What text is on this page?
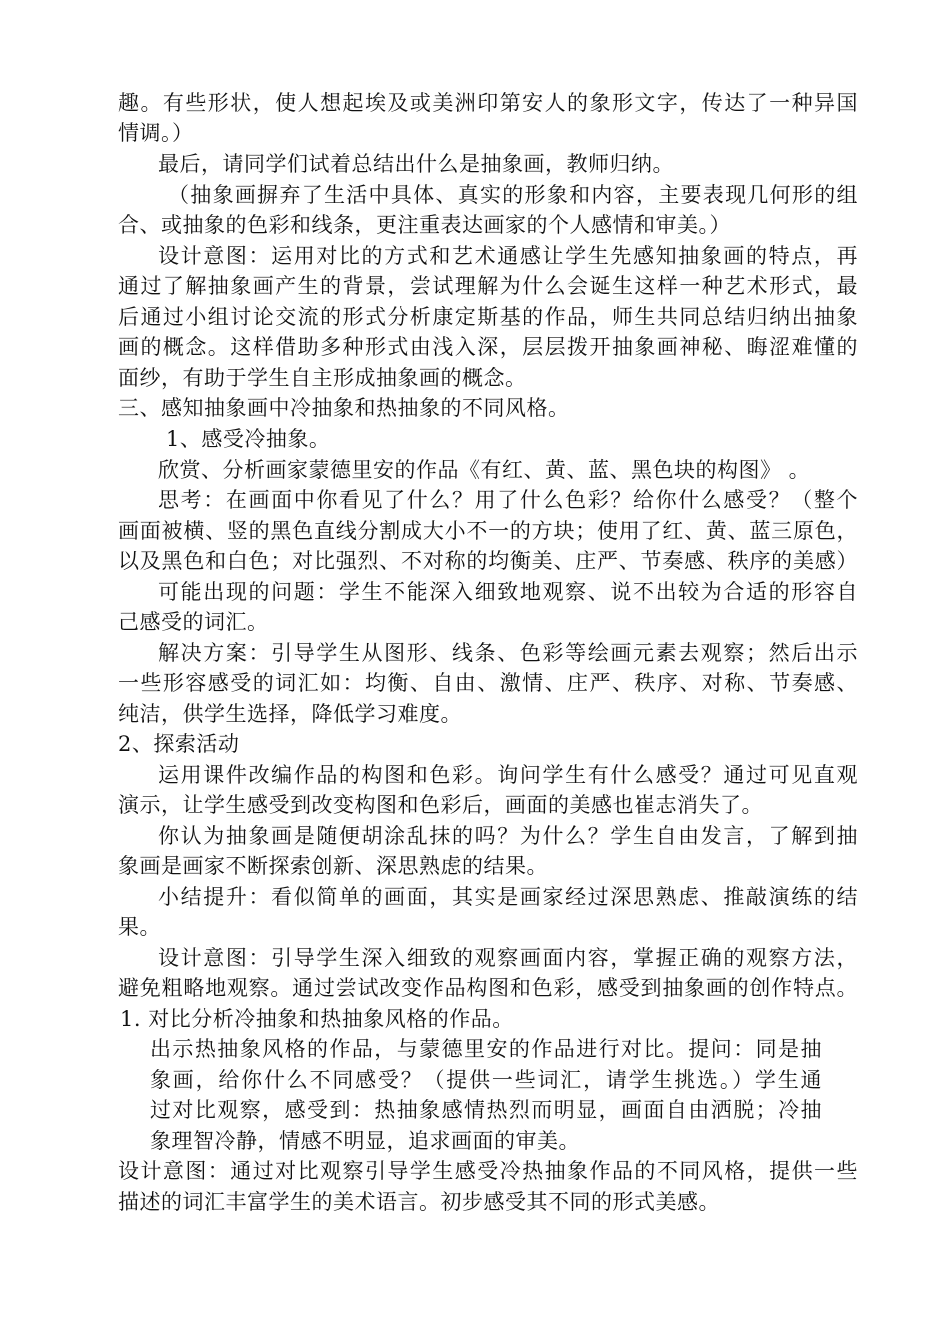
趣。有些形状，使人想起埃及或美洲印第安人的象形文字，传达了一种异国
情调。）
最后，请同学们试着总结出什么是抽象画，教师归纳。
（抽象画摒弃了生活中具体、真实的形象和内容，主要表现几何形的组
合、或抽象的色彩和线条，更注重表达画家的个人感情和审美。）
设计意图：运用对比的方式和艺术通感让学生先感知抽象画的特点，再
通过了解抽象画产生的背景，尝试理解为什么会诞生这样一种艺术形式，最
后通过小组讨论交流的形式分析康定斯基的作品，师生共同总结归纳出抽象
画的概念。这样借助多种形式由浅入深，层层拨开抽象画神秘、晦涩难懂的
面纱，有助于学生自主形成抽象画的概念。
三、感知抽象画中冷抽象和热抽象的不同风格。
1、感受冷抽象。
欣赏、分析画家蒙德里安的作品《有红、黄、蓝、黑色块的构图》 。
思考：在画面中你看见了什么？用了什么色彩？给你什么感受？（整个
画面被横、竖的黑色直线分割成大小不一的方块；使用了红、黄、蓝三原色，
以及黑色和白色；对比强烈、不对称的均衡美、庄严、节奏感、秩序的美感）
可能出现的问题：学生不能深入细致地观察、说不出较为合适的形容自
己感受的词汇。
解决方案：引导学生从图形、线条、色彩等绘画元素去观察；然后出示
一些形容感受的词汇如：均衡、自由、激情、庄严、秩序、对称、节奏感、
纯洁，供学生选择，降低学习难度。
2、探索活动
运用课件改编作品的构图和色彩。询问学生有什么感受？通过可见直观
演示，让学生感受到改变构图和色彩后，画面的美感也崔志消失了。
你认为抽象画是随便胡涂乱抹的吗？为什么？学生自由发言，了解到抽
象画是画家不断探索创新、深思熟虑的结果。
小结提升：看似简单的画面，其实是画家经过深思熟虑、推敲演练的结
果。
设计意图：引导学生深入细致的观察画面内容，掌握正确的观察方法，
避免粗略地观察。通过尝试改变作品构图和色彩，感受到抽象画的创作特点。
1. 对比分析冷抽象和热抽象风格的作品。
出示热抽象风格的作品，与蒙德里安的作品进行对比。提问：同是抽
象画，给你什么不同感受？（提供一些词汇，请学生挑选。）学生通
过对比观察，感受到：热抽象感情热烈而明显，画面自由洒脱；冷抽
象理智冷静，情感不明显，追求画面的审美。
设计意图：通过对比观察引导学生感受冷热抽象作品的不同风格，提供一些
描述的词汇丰富学生的美术语言。初步感受其不同的形式美感。
